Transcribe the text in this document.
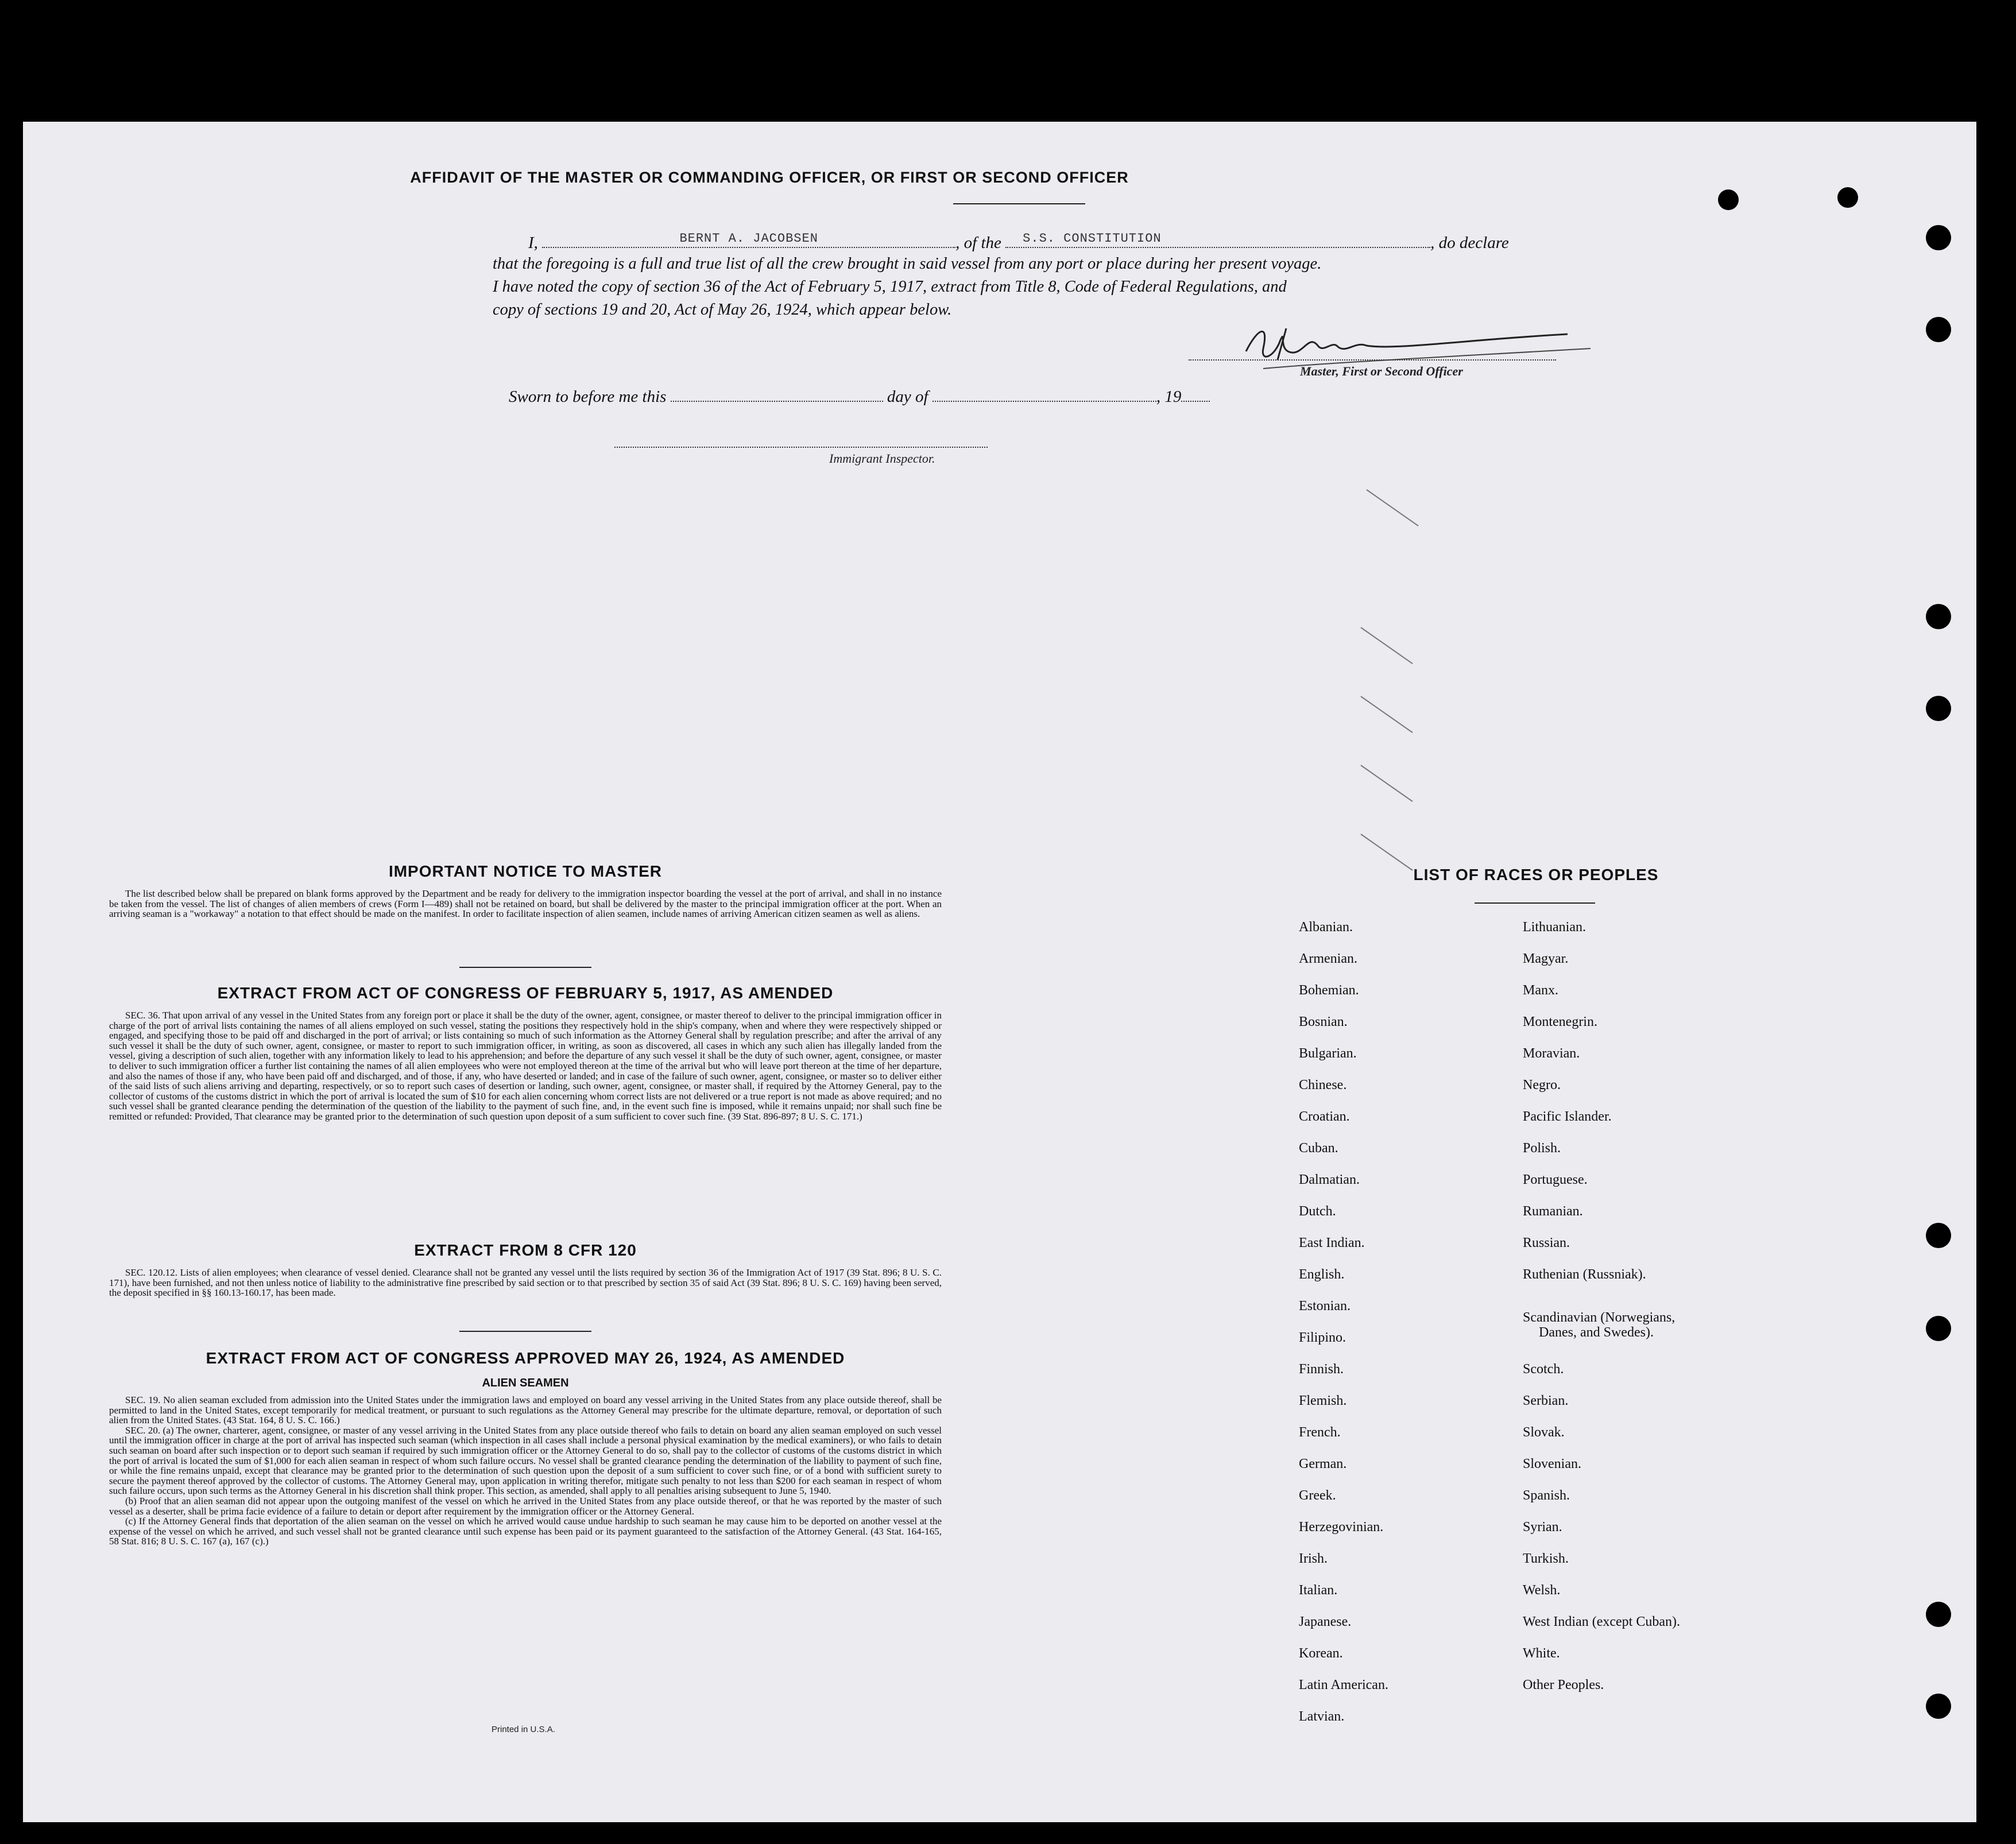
AFFIDAVIT OF THE MASTER OR COMMANDING OFFICER, OR FIRST OR SECOND OFFICER
I,	BERNT A. JACOBSEN	, of the	S.S. CONSTITUTION	, do declare
that the foregoing is a full and true list of all the crew brought in said vessel from any port or place during her present voyage.
I have noted the copy of section 36 of the Act of February 5, 1917, extract from Title 8, Code of Federal Regulations, and
copy of sections 19 and 20, Act of May 26, 1924, which appear below.
Master, First or Second Officer
Sworn to before me this	day of	, 19
Immigrant Inspector.
IMPORTANT NOTICE TO MASTER

The list described below shall be prepared on blank forms approved by the Department and be ready for delivery to the immigration inspector boarding the vessel at the port of arrival, and shall in no instance be taken from the vessel. The list of changes of alien members of crews (Form I—489) shall not be retained on board, but shall be delivered by the master to the principal immigration officer at the port. When an arriving seaman is a "workaway" a notation to that effect should be made on the manifest. In order to facilitate inspection of alien seamen, include names of arriving American citizen seamen as well as aliens.

EXTRACT FROM ACT OF CONGRESS OF FEBRUARY 5, 1917, AS AMENDED

SEC. 36. That upon arrival of any vessel in the United States from any foreign port or place it shall be the duty of the owner, agent, consignee, or master thereof to deliver to the principal immigration officer in charge of the port of arrival lists containing the names of all aliens employed on such vessel, stating the positions they respectively hold in the ship's company, when and where they were respectively shipped or engaged, and specifying those to be paid off and discharged in the port of arrival; or lists containing so much of such information as the Attorney General shall by regulation prescribe; and after the arrival of any such vessel it shall be the duty of such owner, agent, consignee, or master to report to such immigration officer, in writing, as soon as discovered, all cases in which any such alien has illegally landed from the vessel, giving a description of such alien, together with any information likely to lead to his apprehension; and before the departure of any such vessel it shall be the duty of such owner, agent, consignee, or master to deliver to such immigration officer a further list containing the names of all alien employees who were not employed thereon at the time of the arrival but who will leave port thereon at the time of her departure, and also the names of those if any, who have been paid off and discharged, and of those, if any, who have deserted or landed; and in case of the failure of such owner, agent, consignee, or master so to deliver either of the said lists of such aliens arriving and departing, respectively, or so to report such cases of desertion or landing, such owner, agent, consignee, or master shall, if required by the Attorney General, pay to the collector of customs of the customs district in which the port of arrival is located the sum of $10 for each alien concerning whom correct lists are not delivered or a true report is not made as above required; and no such vessel shall be granted clearance pending the determination of the question of the liability to the payment of such fine, and, in the event such fine is imposed, while it remains unpaid; nor shall such fine be remitted or refunded: Provided, That clearance may be granted prior to the determination of such question upon deposit of a sum sufficient to cover such fine. (39 Stat. 896-897; 8 U. S. C. 171.)

EXTRACT FROM 8 CFR 120

SEC. 120.12. Lists of alien employees; when clearance of vessel denied. Clearance shall not be granted any vessel until the lists required by section 36 of the Immigration Act of 1917 (39 Stat. 896; 8 U. S. C. 171), have been furnished, and not then unless notice of liability to the administrative fine prescribed by said section or to that prescribed by section 35 of said Act (39 Stat. 896; 8 U. S. C. 169) having been served, the deposit specified in §§ 160.13-160.17, has been made.

EXTRACT FROM ACT OF CONGRESS APPROVED MAY 26, 1924, AS AMENDED
ALIEN SEAMEN

SEC. 19. No alien seaman excluded from admission into the United States under the immigration laws and employed on board any vessel arriving in the United States from any place outside thereof, shall be permitted to land in the United States, except temporarily for medical treatment, or pursuant to such regulations as the Attorney General may prescribe for the ultimate departure, removal, or deportation of such alien from the United States. (43 Stat. 164, 8 U. S. C. 166.)

SEC. 20. (a) The owner, charterer, agent, consignee, or master of any vessel arriving in the United States from any place outside thereof who fails to detain on board any alien seaman employed on such vessel until the immigration officer in charge at the port of arrival has inspected such seaman (which inspection in all cases shall include a personal physical examination by the medical examiners), or who fails to detain such seaman on board after such inspection or to deport such seaman if required by such immigration officer or the Attorney General to do so, shall pay to the collector of customs of the customs district in which the port of arrival is located the sum of $1,000 for each alien seaman in respect of whom such failure occurs. No vessel shall be granted clearance pending the determination of the liability to payment of such fine, or while the fine remains unpaid, except that clearance may be granted prior to the determination of such question upon the deposit of a sum sufficient to cover such fine, or of a bond with sufficient surety to secure the payment thereof approved by the collector of customs. The Attorney General may, upon application in writing therefor, mitigate such penalty to not less than $200 for each seaman in respect of whom such failure occurs, upon such terms as the Attorney General in his discretion shall think proper. This section, as amended, shall apply to all penalties arising subsequent to June 5, 1940.

(b) Proof that an alien seaman did not appear upon the outgoing manifest of the vessel on which he arrived in the United States from any place outside thereof, or that he was reported by the master of such vessel as a deserter, shall be prima facie evidence of a failure to detain or deport after requirement by the immigration officer or the Attorney General.

(c) If the Attorney General finds that deportation of the alien seaman on the vessel on which he arrived would cause undue hardship to such seaman he may cause him to be deported on another vessel at the expense of the vessel on which he arrived, and such vessel shall not be granted clearance until such expense has been paid or its payment guaranteed to the satisfaction of the Attorney General. (43 Stat. 164-165, 58 Stat. 816; 8 U. S. C. 167 (a), 167 (c).)

Printed in U.S.A.
LIST OF RACES OR PEOPLES
Albanian.
Armenian.
Bohemian.
Bosnian.
Bulgarian.
Chinese.
Croatian.
Cuban.
Dalmatian.
Dutch.
East Indian.
English.
Estonian.
Filipino.
Finnish.
Flemish.
French.
German.
Greek.
Herzegovinian.
Irish.
Italian.
Japanese.
Korean.
Latin American.
Latvian.
Lithuanian.
Magyar.
Manx.
Montenegrin.
Moravian.
Negro.
Pacific Islander.
Polish.
Portuguese.
Rumanian.
Russian.
Ruthenian (Russniak).
Scandinavian (Norwegians,
Danes, and Swedes).
Scotch.
Serbian.
Slovak.
Slovenian.
Spanish.
Syrian.
Turkish.
Welsh.
West Indian (except Cuban).
White.
Other Peoples.
